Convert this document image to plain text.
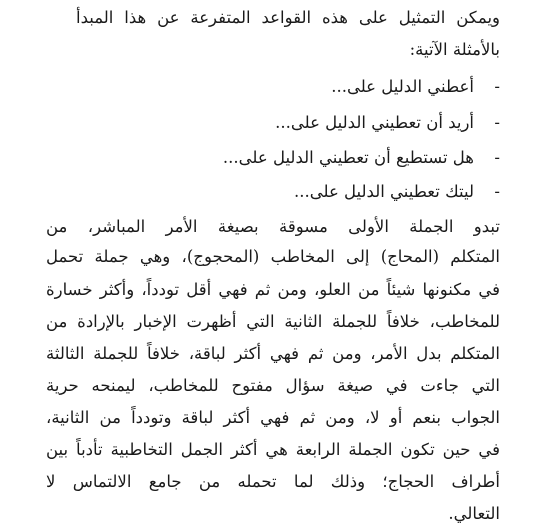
ويمكن التمثيل على هذه القواعد المتفرعة عن هذا المبدأ
بالأمثلة الآتية:
-أعطني الدليل على...
-أريد أن تعطيني الدليل على...
-هل تستطيع أن تعطيني الدليل على...
-ليتك تعطيني الدليل على...
تبدو الجملة الأولى مسوقة بصيغة الأمر المباشر، من
المتكلم (المحاج) إلى المخاطب (المحجوج)، وهي جملة تحمل
في مكنونها شيئاً من العلو، ومن ثم فهي أقل تودداً، وأكثر خسارة
للمخاطب، خلافاً للجملة الثانية التي أظهرت الإخبار بالإرادة من
المتكلم بدل الأمر، ومن ثم فهي أكثر لباقة، خلافاً للجملة الثالثة
التي جاءت في صيغة سؤال مفتوح للمخاطب، ليمنحه حرية
الجواب بنعم أو لا، ومن ثم فهي أكثر لباقة وتودداً من الثانية،
في حين تكون الجملة الرابعة هي أكثر الجمل التخاطبية تأدباً بين
أطراف الحجاج؛ وذلك لما تحمله من جامع الالتماس لا
التعالي.
